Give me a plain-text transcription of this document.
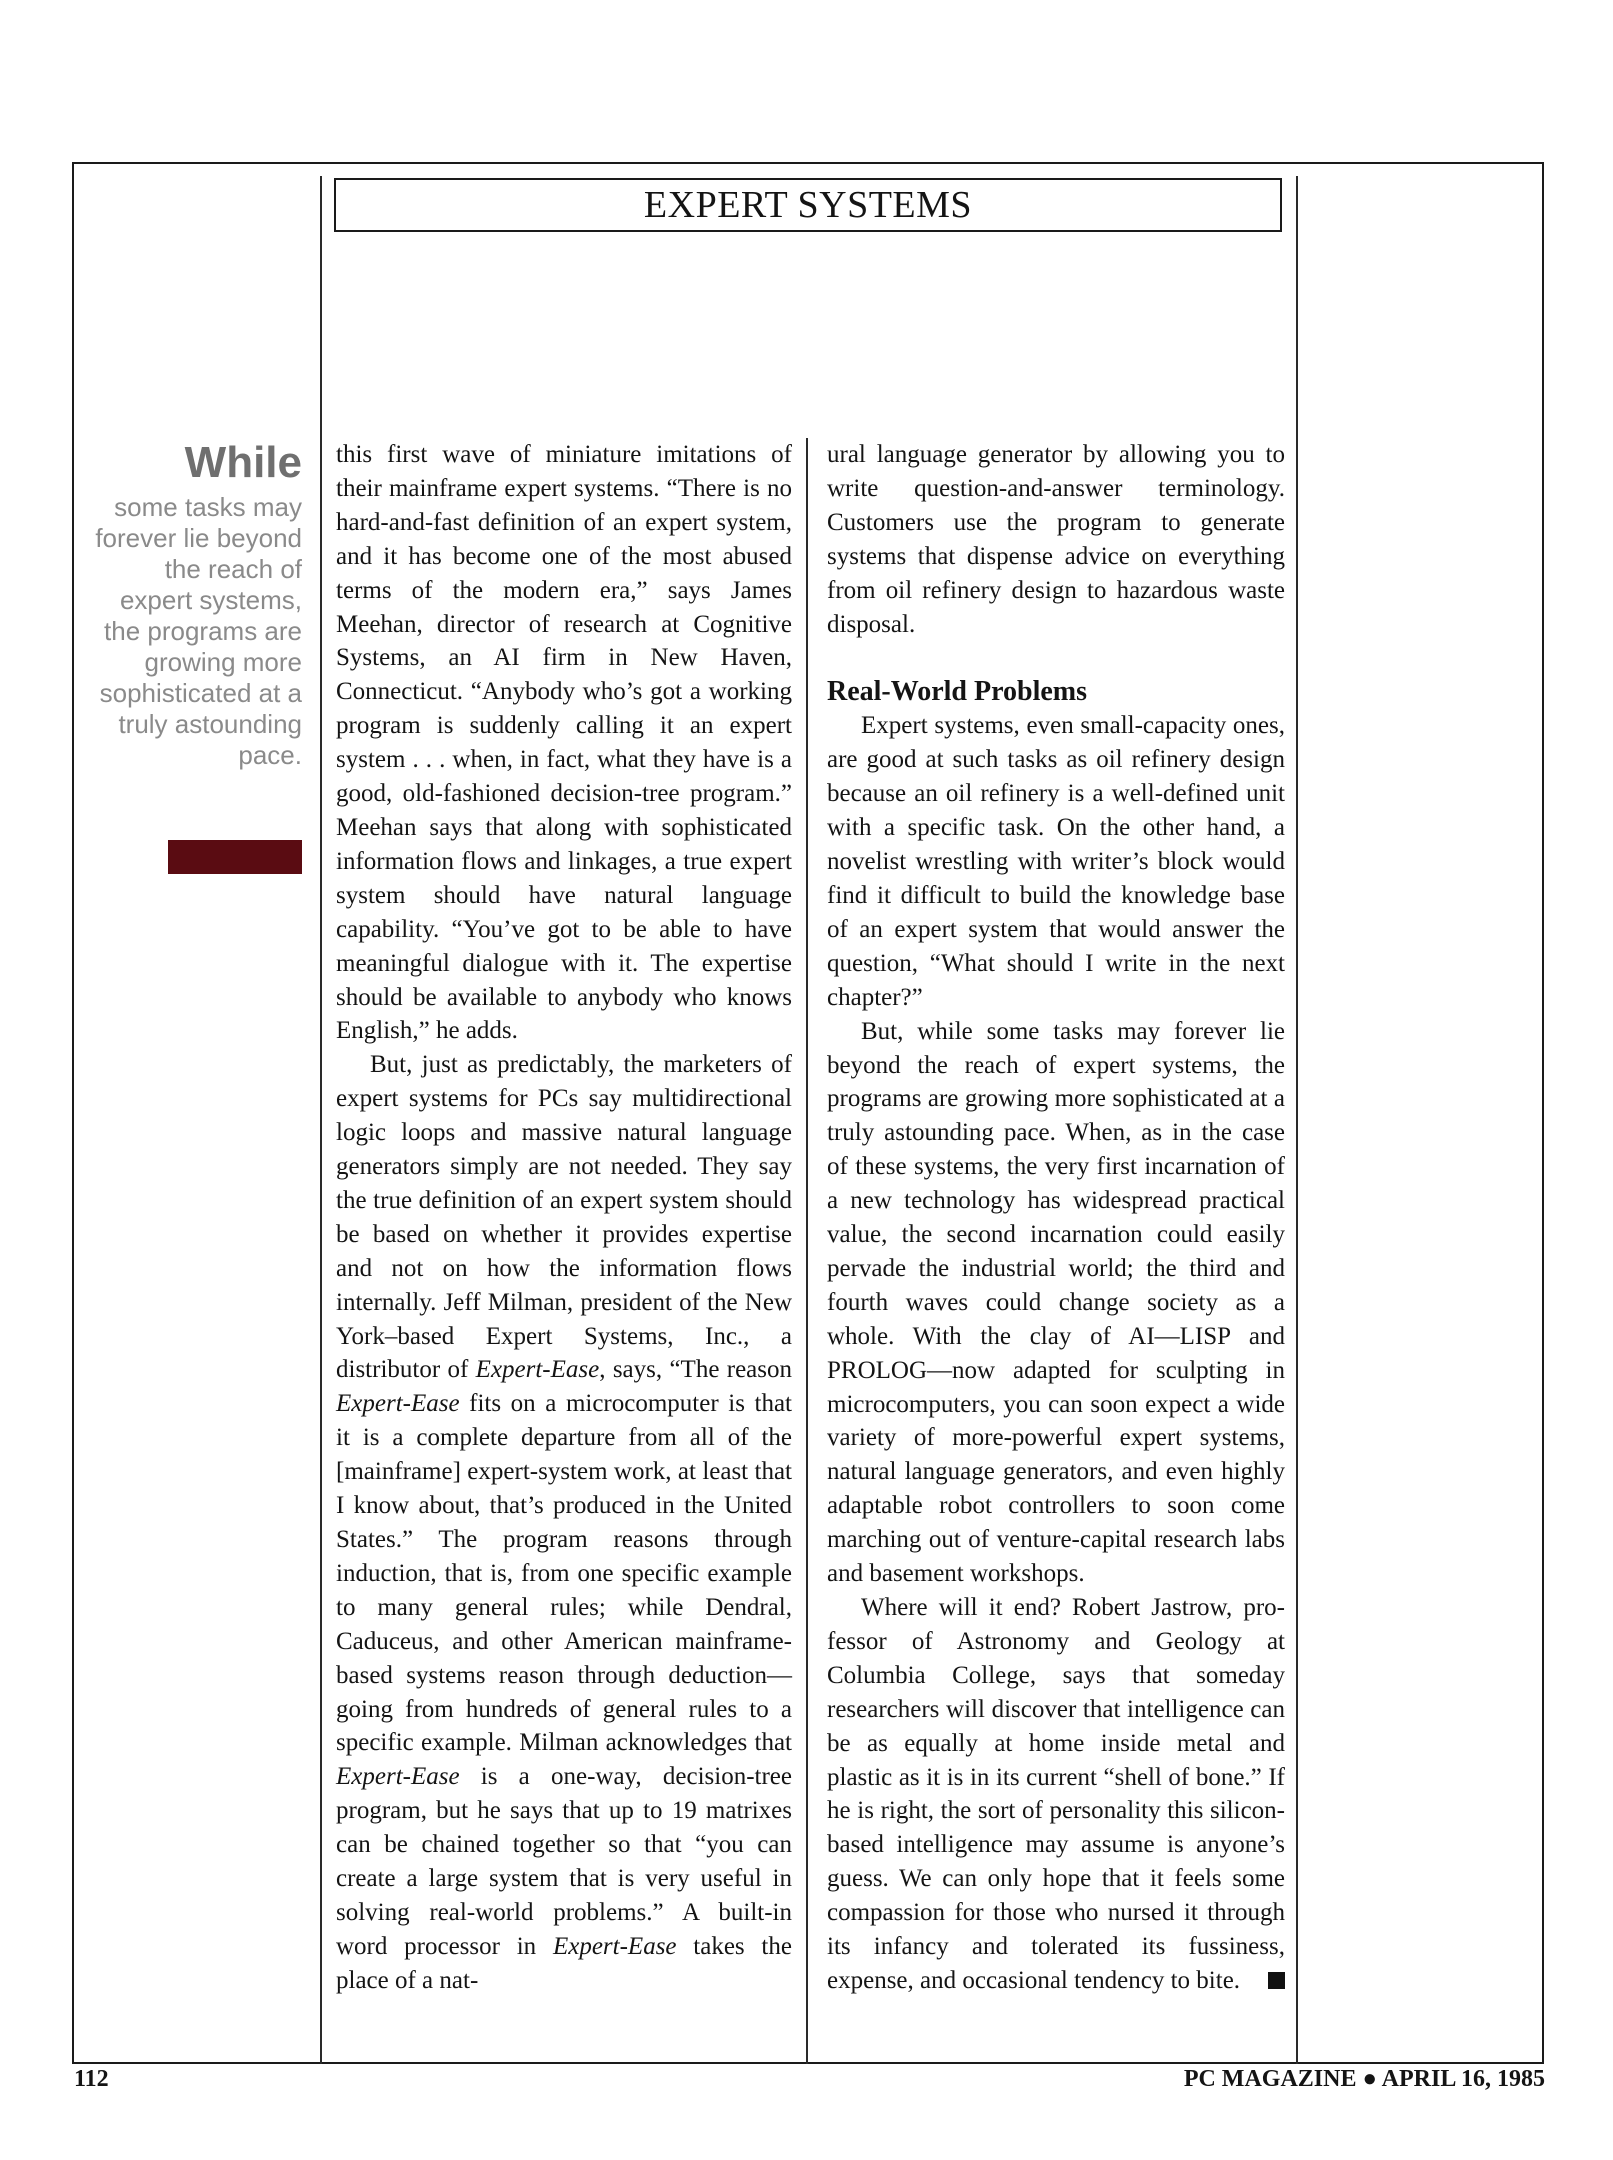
EXPERT SYSTEMS
While
some tasks may forever lie beyond the reach of expert systems, the programs are growing more sophisticated at a truly astounding pace.

this first wave of miniature imitations of their mainframe expert systems. “There is no hard-and-fast definition of an expert system, and it has become one of the most abused terms of the modern era,” says James Meehan, director of research at Cognitive Systems, an AI firm in New Haven, Connecticut. “Anybody who’s got a working program is suddenly calling it an expert system . . . when, in fact, what they have is a good, old-fashioned decision-tree program.” Meehan says that along with sophisticated information flows and linkages, a true expert system should have natural language capability. “You’ve got to be able to have meaningful dialogue with it. The expertise should be available to anybody who knows English,” he adds.

But, just as predictably, the marketers of expert systems for PCs say multidirectional logic loops and massive natural language generators simply are not needed. They say the true definition of an expert system should be based on whether it provides expertise and not on how the information flows internally. Jeff Milman, president of the New York–based Expert Systems, Inc., a distributor of Expert-Ease, says, “The reason Expert-Ease fits on a microcomputer is that it is a complete departure from all of the [mainframe] expert-system work, at least that I know about, that’s produced in the United States.” The program reasons through induction, that is, from one specific example to many general rules; while Dendral, Caduceus, and other American mainframe-based systems reason through deduction—going from hundreds of general rules to a specific example. Milman acknowledges that Expert-Ease is a one-way, decision-tree program, but he says that up to 19 matrixes can be chained together so that “you can create a large system that is very useful in solving real-world problems.” A built-in word processor in Expert-Ease takes the place of a nat-

ural language generator by allowing you to write question-and-answer terminology. Customers use the program to generate systems that dispense advice on everything from oil refinery design to hazardous waste disposal.

Real-World Problems

Expert systems, even small-capacity ones, are good at such tasks as oil refinery design because an oil refinery is a well-defined unit with a specific task. On the other hand, a novelist wrestling with writer’s block would find it difficult to build the knowledge base of an expert system that would answer the question, “What should I write in the next chapter?”

But, while some tasks may forever lie beyond the reach of expert systems, the programs are growing more sophisticated at a truly astounding pace. When, as in the case of these systems, the very first incarnation of a new technology has widespread practical value, the second incarnation could easily pervade the industrial world; the third and fourth waves could change society as a whole. With the clay of AI—LISP and PROLOG—now adapted for sculpting in microcomputers, you can soon expect a wide variety of more-powerful expert systems, natural language generators, and even highly adaptable robot controllers to soon come marching out of venture-capital research labs and basement workshops.

Where will it end? Robert Jastrow, professor of Astronomy and Geology at Columbia College, says that someday researchers will discover that intelligence can be as equally at home inside metal and plastic as it is in its current “shell of bone.” If he is right, the sort of personality this silicon-based intelligence may assume is anyone’s guess. We can only hope that it feels some compassion for those who nursed it through its infancy and tolerated its fussiness, expense, and occasional tendency to bite.

112	PC MAGAZINE ● APRIL 16, 1985
